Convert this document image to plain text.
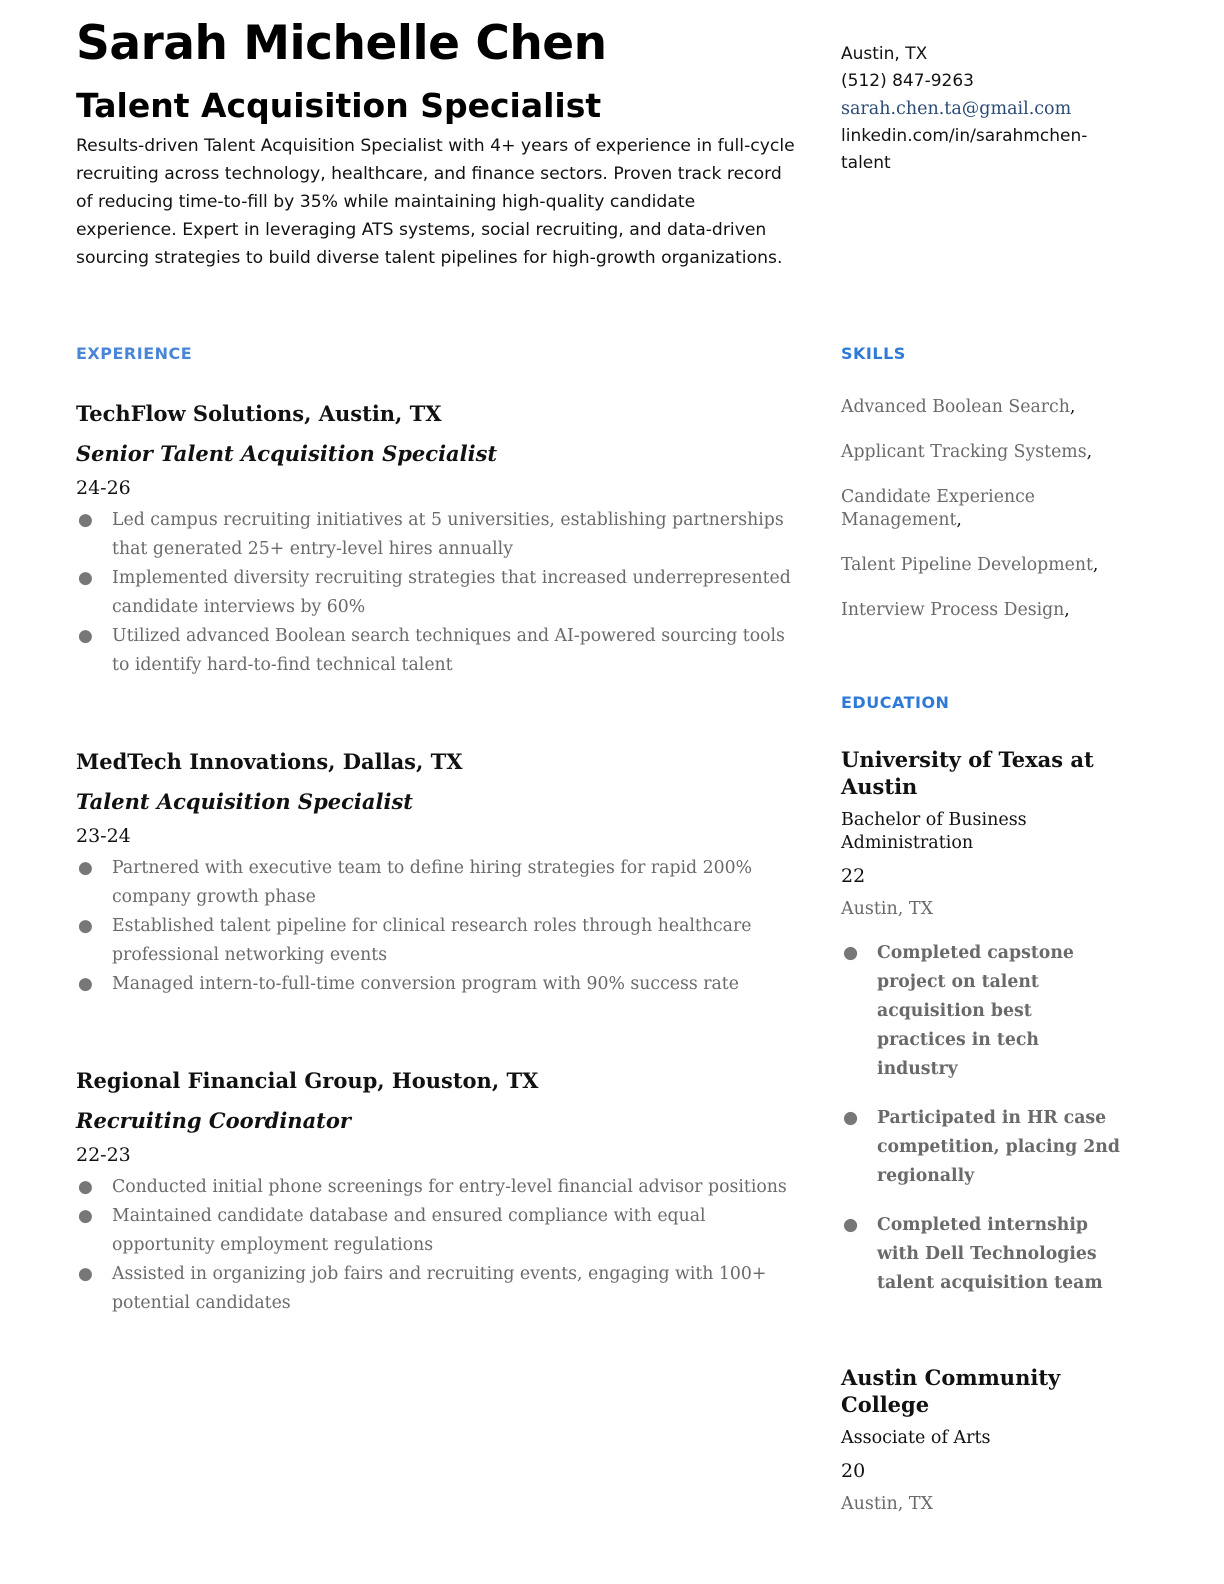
Sarah Michelle Chen
Talent Acquisition Specialist

Results-driven Talent Acquisition Specialist with 4+ years of experience in full-cycle recruiting across technology, healthcare, and finance sectors. Proven track record of reducing time-to-fill by 35% while maintaining high-quality candidate experience. Expert in leveraging ATS systems, social recruiting, and data-driven sourcing strategies to build diverse talent pipelines for high-growth organizations.

Austin, TX
(512) 847-9263
sarah.chen.ta@gmail.com
linkedin.com/in/sarahmchen-
talent
EXPERIENCE	SKILLS
EDUCATION
TechFlow Solutions, Austin, TX
Senior Talent Acquisition Specialist
24-26
● Led campus recruiting initiatives at 5 universities, establishing partnerships that generated 25+ entry-level hires annually
● Implemented diversity recruiting strategies that increased underrepresented candidate interviews by 60%
● Utilized advanced Boolean search techniques and AI-powered sourcing tools to identify hard-to-find technical talent
MedTech Innovations, Dallas, TX
Talent Acquisition Specialist
23-24
● Partnered with executive team to define hiring strategies for rapid 200% company growth phase
● Established talent pipeline for clinical research roles through healthcare professional networking events
● Managed intern-to-full-time conversion program with 90% success rate
Regional Financial Group, Houston, TX
Recruiting Coordinator
22-23
● Conducted initial phone screenings for entry-level financial advisor positions
● Maintained candidate database and ensured compliance with equal opportunity employment regulations
● Assisted in organizing job fairs and recruiting events, engaging with 100+ potential candidates
Advanced Boolean Search,
Applicant Tracking Systems,
Candidate Experience Management,
Talent Pipeline Development,
Interview Process Design,
University of Texas at Austin
Bachelor of Business Administration
22
Austin, TX
● Completed capstone project on talent acquisition best practices in tech industry
● Participated in HR case competition, placing 2nd regionally
● Completed internship with Dell Technologies talent acquisition team
Austin Community College
Associate of Arts
20
Austin, TX
